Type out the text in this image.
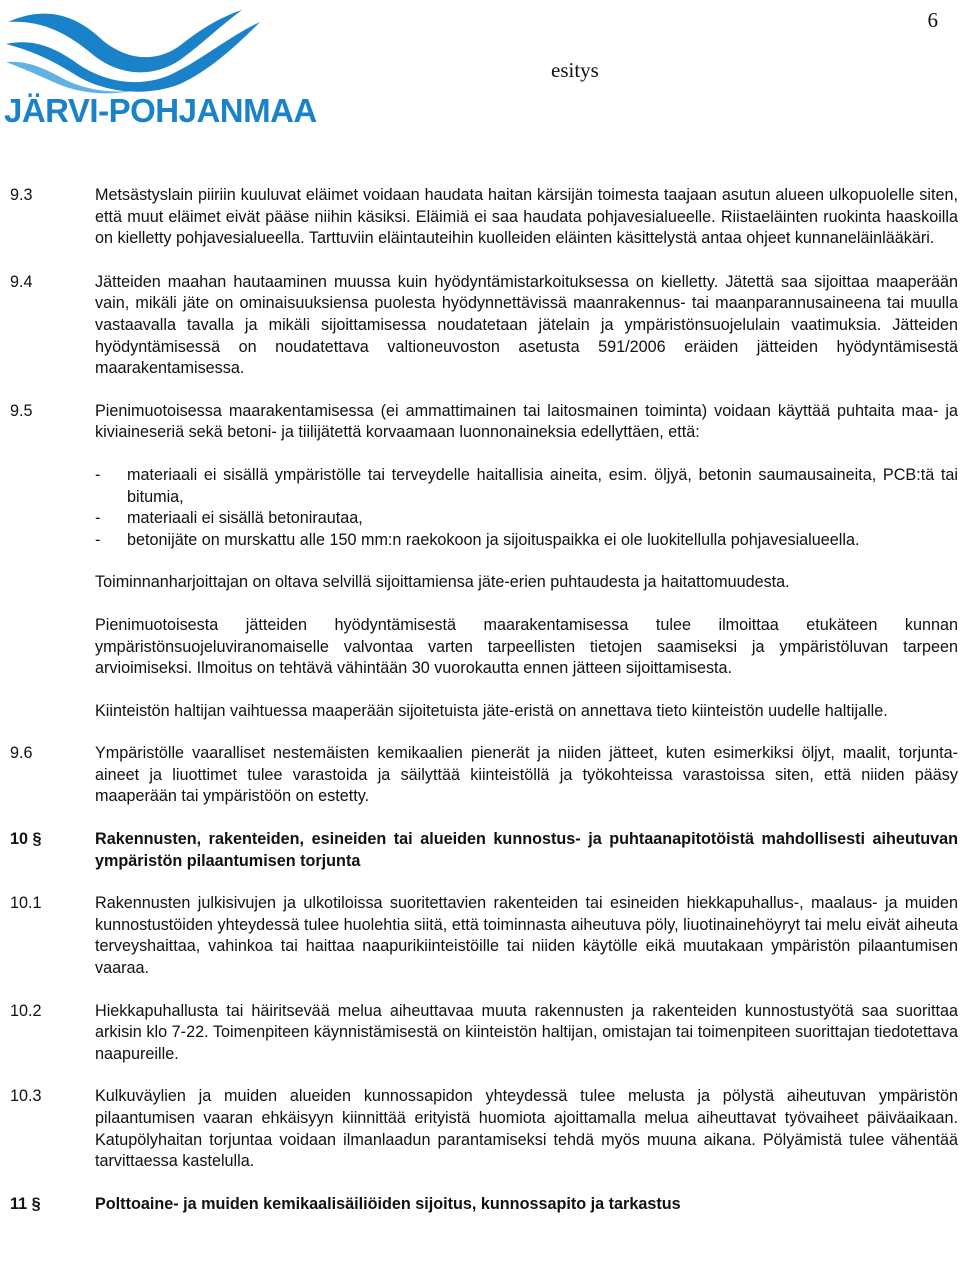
JÄRVI-POHJANMAA
6
esitys
9.3	Metsästyslain piiriin kuuluvat eläimet voidaan haudata haitan kärsijän toimesta taajaan asutun alueen ulkopuolelle siten, että muut eläimet eivät pääse niihin käsiksi. Eläimiä ei saa haudata pohjavesialueelle. Riistaeläinten ruokinta haaskoilla on kielletty pohjavesialueella. Tarttuviin eläintauteihin kuolleiden eläinten käsittelystä antaa ohjeet kunnaneläinlääkäri.

9.4	Jätteiden maahan hautaaminen muussa kuin hyödyntämistarkoituksessa on kielletty. Jätettä saa sijoittaa maaperään vain, mikäli jäte on ominaisuuksiensa puolesta hyödynnettävissä maanrakennus- tai maanparannusaineena tai muulla vastaavalla tavalla ja mikäli sijoittamisessa noudatetaan jätelain ja ympäristönsuojelulain vaatimuksia. Jätteiden hyödyntämisessä on noudatettava valtioneuvoston asetusta 591/2006 eräiden jätteiden hyödyntämisestä maarakentamisessa.

9.5	Pienimuotoisessa maarakentamisessa (ei ammattimainen tai laitosmainen toiminta) voidaan käyttää puhtaita maa- ja kiviaineseriä sekä betoni- ja tiilijätettä korvaamaan luonnonaineksia edellyttäen, että:

- materiaali ei sisällä ympäristölle tai terveydelle haitallisia aineita, esim. öljyä, betonin saumausaineita, PCB:tä tai bitumia,
- materiaali ei sisällä betonirautaa,
- betonijäte on murskattu alle 150 mm:n raekokoon ja sijoituspaikka ei ole luokitellulla pohjavesialueella.

Toiminnanharjoittajan on oltava selvillä sijoittamiensa jäte-erien puhtaudesta ja haitattomuudesta.

Pienimuotoisesta jätteiden hyödyntämisestä maarakentamisessa tulee ilmoittaa etukäteen kunnan ympäristönsuojeluviranomaiselle valvontaa varten tarpeellisten tietojen saamiseksi ja ympäristöluvan tarpeen arvioimiseksi. Ilmoitus on tehtävä vähintään 30 vuorokautta ennen jätteen sijoittamisesta.

Kiinteistön haltijan vaihtuessa maaperään sijoitetuista jäte-eristä on annettava tieto kiinteistön uudelle haltijalle.

9.6	Ympäristölle vaaralliset nestemäisten kemikaalien pienerät ja niiden jätteet, kuten esimerkiksi öljyt, maalit, torjunta-aineet ja liuottimet tulee varastoida ja säilyttää kiinteistöllä ja työkohteissa varastoissa siten, että niiden pääsy maaperään tai ympäristöön on estetty.

10 §	Rakennusten, rakenteiden, esineiden tai alueiden kunnostus- ja puhtaanapitotöistä mahdollisesti aiheutuvan ympäristön pilaantumisen torjunta

10.1	Rakennusten julkisivujen ja ulkotiloissa suoritettavien rakenteiden tai esineiden hiekkapuhallus-, maalaus- ja muiden kunnostustöiden yhteydessä tulee huolehtia siitä, että toiminnasta aiheutuva pöly, liuotinainehöyryt tai melu eivät aiheuta terveyshaittaa, vahinkoa tai haittaa naapurikiinteistöille tai niiden käytölle eikä muutakaan ympäristön pilaantumisen vaaraa.

10.2	Hiekkapuhallusta tai häiritsevää melua aiheuttavaa muuta rakennusten ja rakenteiden kunnostustyötä saa suorittaa arkisin klo 7-22. Toimenpiteen käynnistämisestä on kiinteistön haltijan, omistajan tai toimenpiteen suorittajan tiedotettava naapureille.

10.3	Kulkuväylien ja muiden alueiden kunnossapidon yhteydessä tulee melusta ja pölystä aiheutuvan ympäristön pilaantumisen vaaran ehkäisyyn kiinnittää erityistä huomiota ajoittamalla melua aiheuttavat työvaiheet päiväaikaan. Katupölyhaitan torjuntaa voidaan ilmanlaadun parantamiseksi tehdä myös muuna aikana. Pölyämistä tulee vähentää tarvittaessa kastelulla.

11 §	Polttoaine- ja muiden kemikaalisäiliöiden sijoitus, kunnossapito ja tarkastus
